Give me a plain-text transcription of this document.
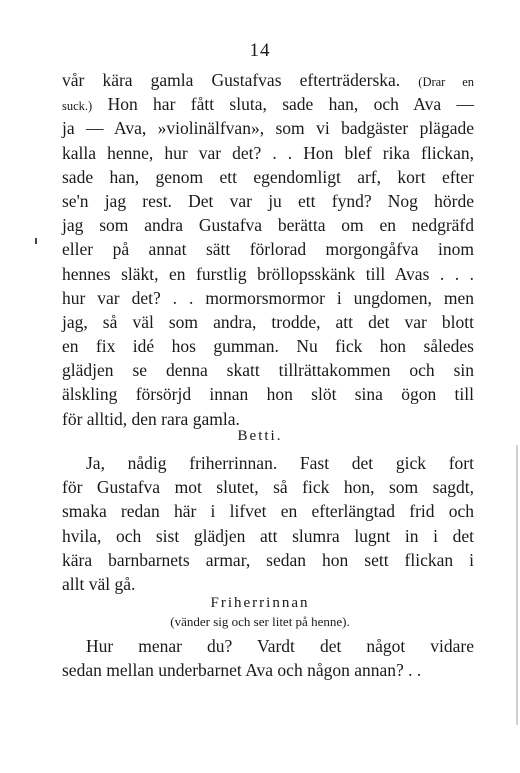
14
vår kära gamla Gustafvas efterträderska. (Drar en
suck.) Hon har fått sluta, sade han, och Ava —
ja — Ava, »violinälfvan», som vi badgäster plägade
kalla henne, hur var det? . . Hon blef rika flickan,
sade han, genom ett egendomligt arf, kort efter
se'n jag rest. Det var ju ett fynd? Nog hörde
jag som andra Gustafva berätta om en nedgräfd
eller på annat sätt förlorad morgongåfva inom
hennes släkt, en furstlig bröllopsskänk till Avas . . .
hur var det? . . mormorsmormor i ungdomen, men
jag, så väl som andra, trodde, att det var blott
en fix idé hos gumman. Nu fick hon således
glädjen se denna skatt tillrättakommen och sin
älskling försörjd innan hon slöt sina ögon till
för alltid, den rara gamla.
Betti.
Ja, nådig friherrinnan. Fast det gick fort
för Gustafva mot slutet, så fick hon, som sagdt,
smaka redan här i lifvet en efterlängtad frid och
hvila, och sist glädjen att slumra lugnt in i det
kära barnbarnets armar, sedan hon sett flickan i
allt väl gå.
Friherrinnan
(vänder sig och ser litet på henne).
Hur menar du? Vardt det något vidare
sedan mellan underbarnet Ava och någon annan? . .
